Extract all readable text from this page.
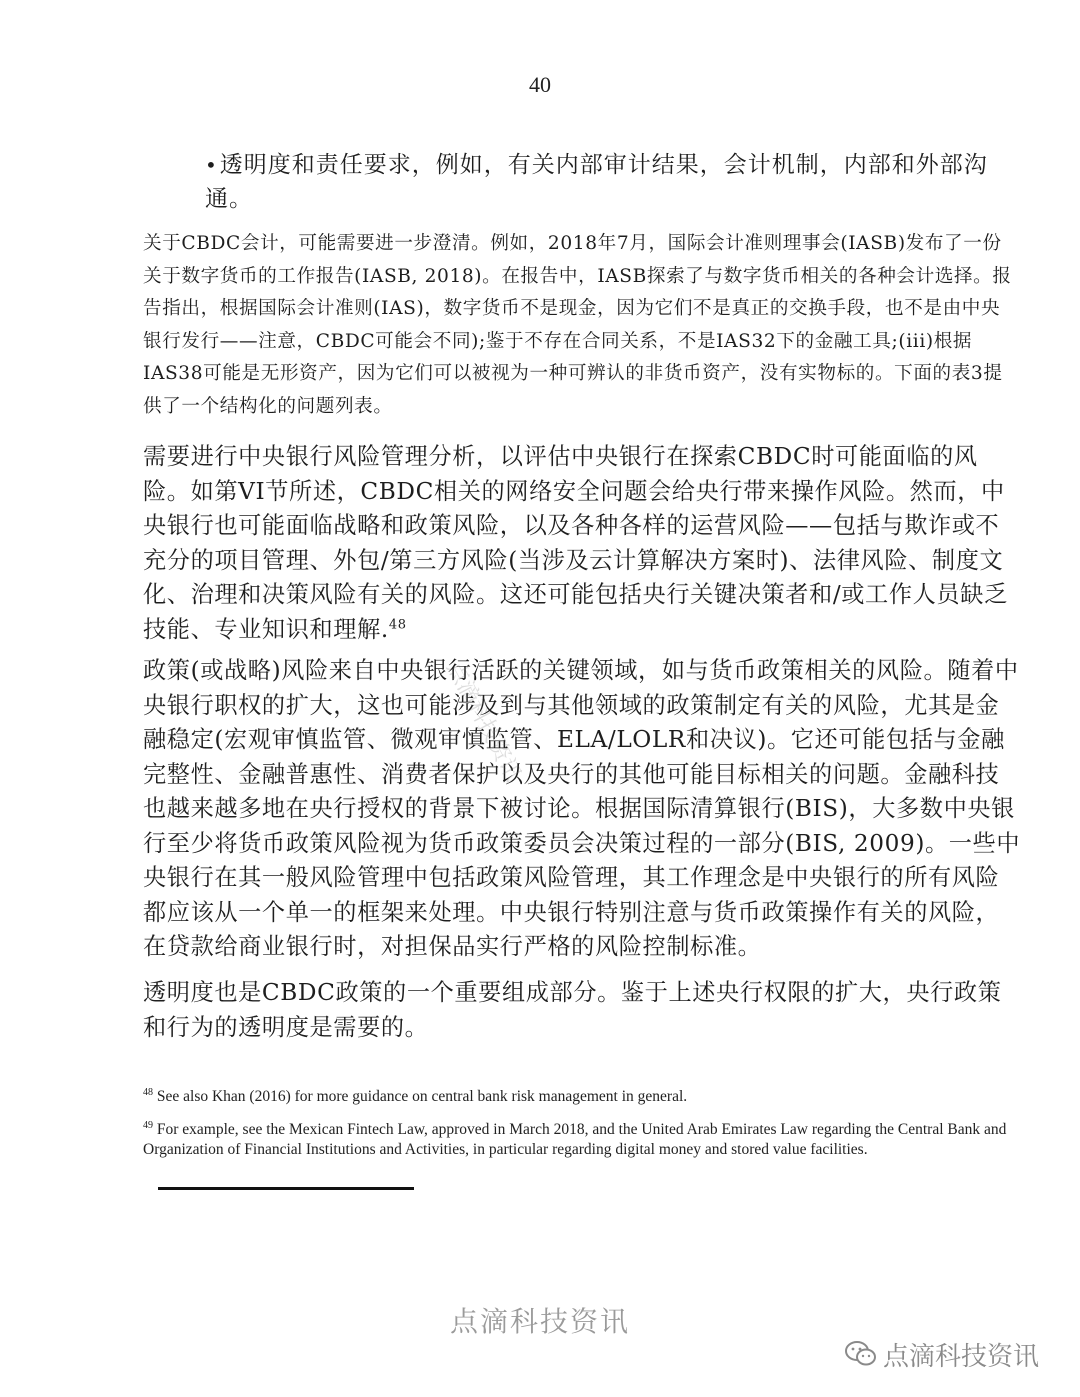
40

•透明度和责任要求，例如，有关内部审计结果，会计机制，内部和外部沟通。

关于CBDC会计，可能需要进一步澄清。例如，2018年7月，国际会计准则理事会(IASB)发布了一份关于数字货币的工作报告(IASB, 2018)。在报告中，IASB探索了与数字货币相关的各种会计选择。报告指出，根据国际会计准则(IAS)，数字货币不是现金，因为它们不是真正的交换手段，也不是由中央银行发行——注意，CBDC可能会不同);鉴于不存在合同关系，不是IAS32下的金融工具;(iii)根据IAS38可能是无形资产，因为它们可以被视为一种可辨认的非货币资产，没有实物标的。下面的表3提供了一个结构化的问题列表。

需要进行中央银行风险管理分析，以评估中央银行在探索CBDC时可能面临的风险。如第VI节所述，CBDC相关的网络安全问题会给央行带来操作风险。然而，中央银行也可能面临战略和政策风险，以及各种各样的运营风险——包括与欺诈或不充分的项目管理、外包/第三方风险(当涉及云计算解决方案时)、法律风险、制度文化、治理和决策风险有关的风险。这还可能包括央行关键决策者和/或工作人员缺乏技能、专业知识和理解.$^{48}$

政策(或战略)风险来自中央银行活跃的关键领域，如与货币政策相关的风险。随着中央银行职权的扩大，这也可能涉及到与其他领域的政策制定有关的风险，尤其是金融稳定(宏观审慎监管、微观审慎监管、ELA/LOLR和决议)。它还可能包括与金融完整性、金融普惠性、消费者保护以及央行的其他可能目标相关的问题。金融科技也越来越多地在央行授权的背景下被讨论。根据国际清算银行(BIS)，大多数中央银行至少将货币政策风险视为货币政策委员会决策过程的一部分(BIS, 2009)。一些中央银行在其一般风险管理中包括政策风险管理，其工作理念是中央银行的所有风险都应该从一个单一的框架来处理。中央银行特别注意与货币政策操作有关的风险，在贷款给商业银行时，对担保品实行严格的风险控制标准。

透明度也是CBDC政策的一个重要组成部分。鉴于上述央行权限的扩大，央行政策和行为的透明度是需要的。

$^{48}$ See also Khan (2016) for more guidance on central bank risk management in general.

$^{49}$ For example, see the Mexican Fintech Law, approved in March 2018, and the United Arab Emirates Law regarding the Central Bank and Organization of Financial Institutions and Activities, in particular regarding digital money and stored value facilities.

点滴科技资讯
点滴科技资讯
点滴科技资讯
